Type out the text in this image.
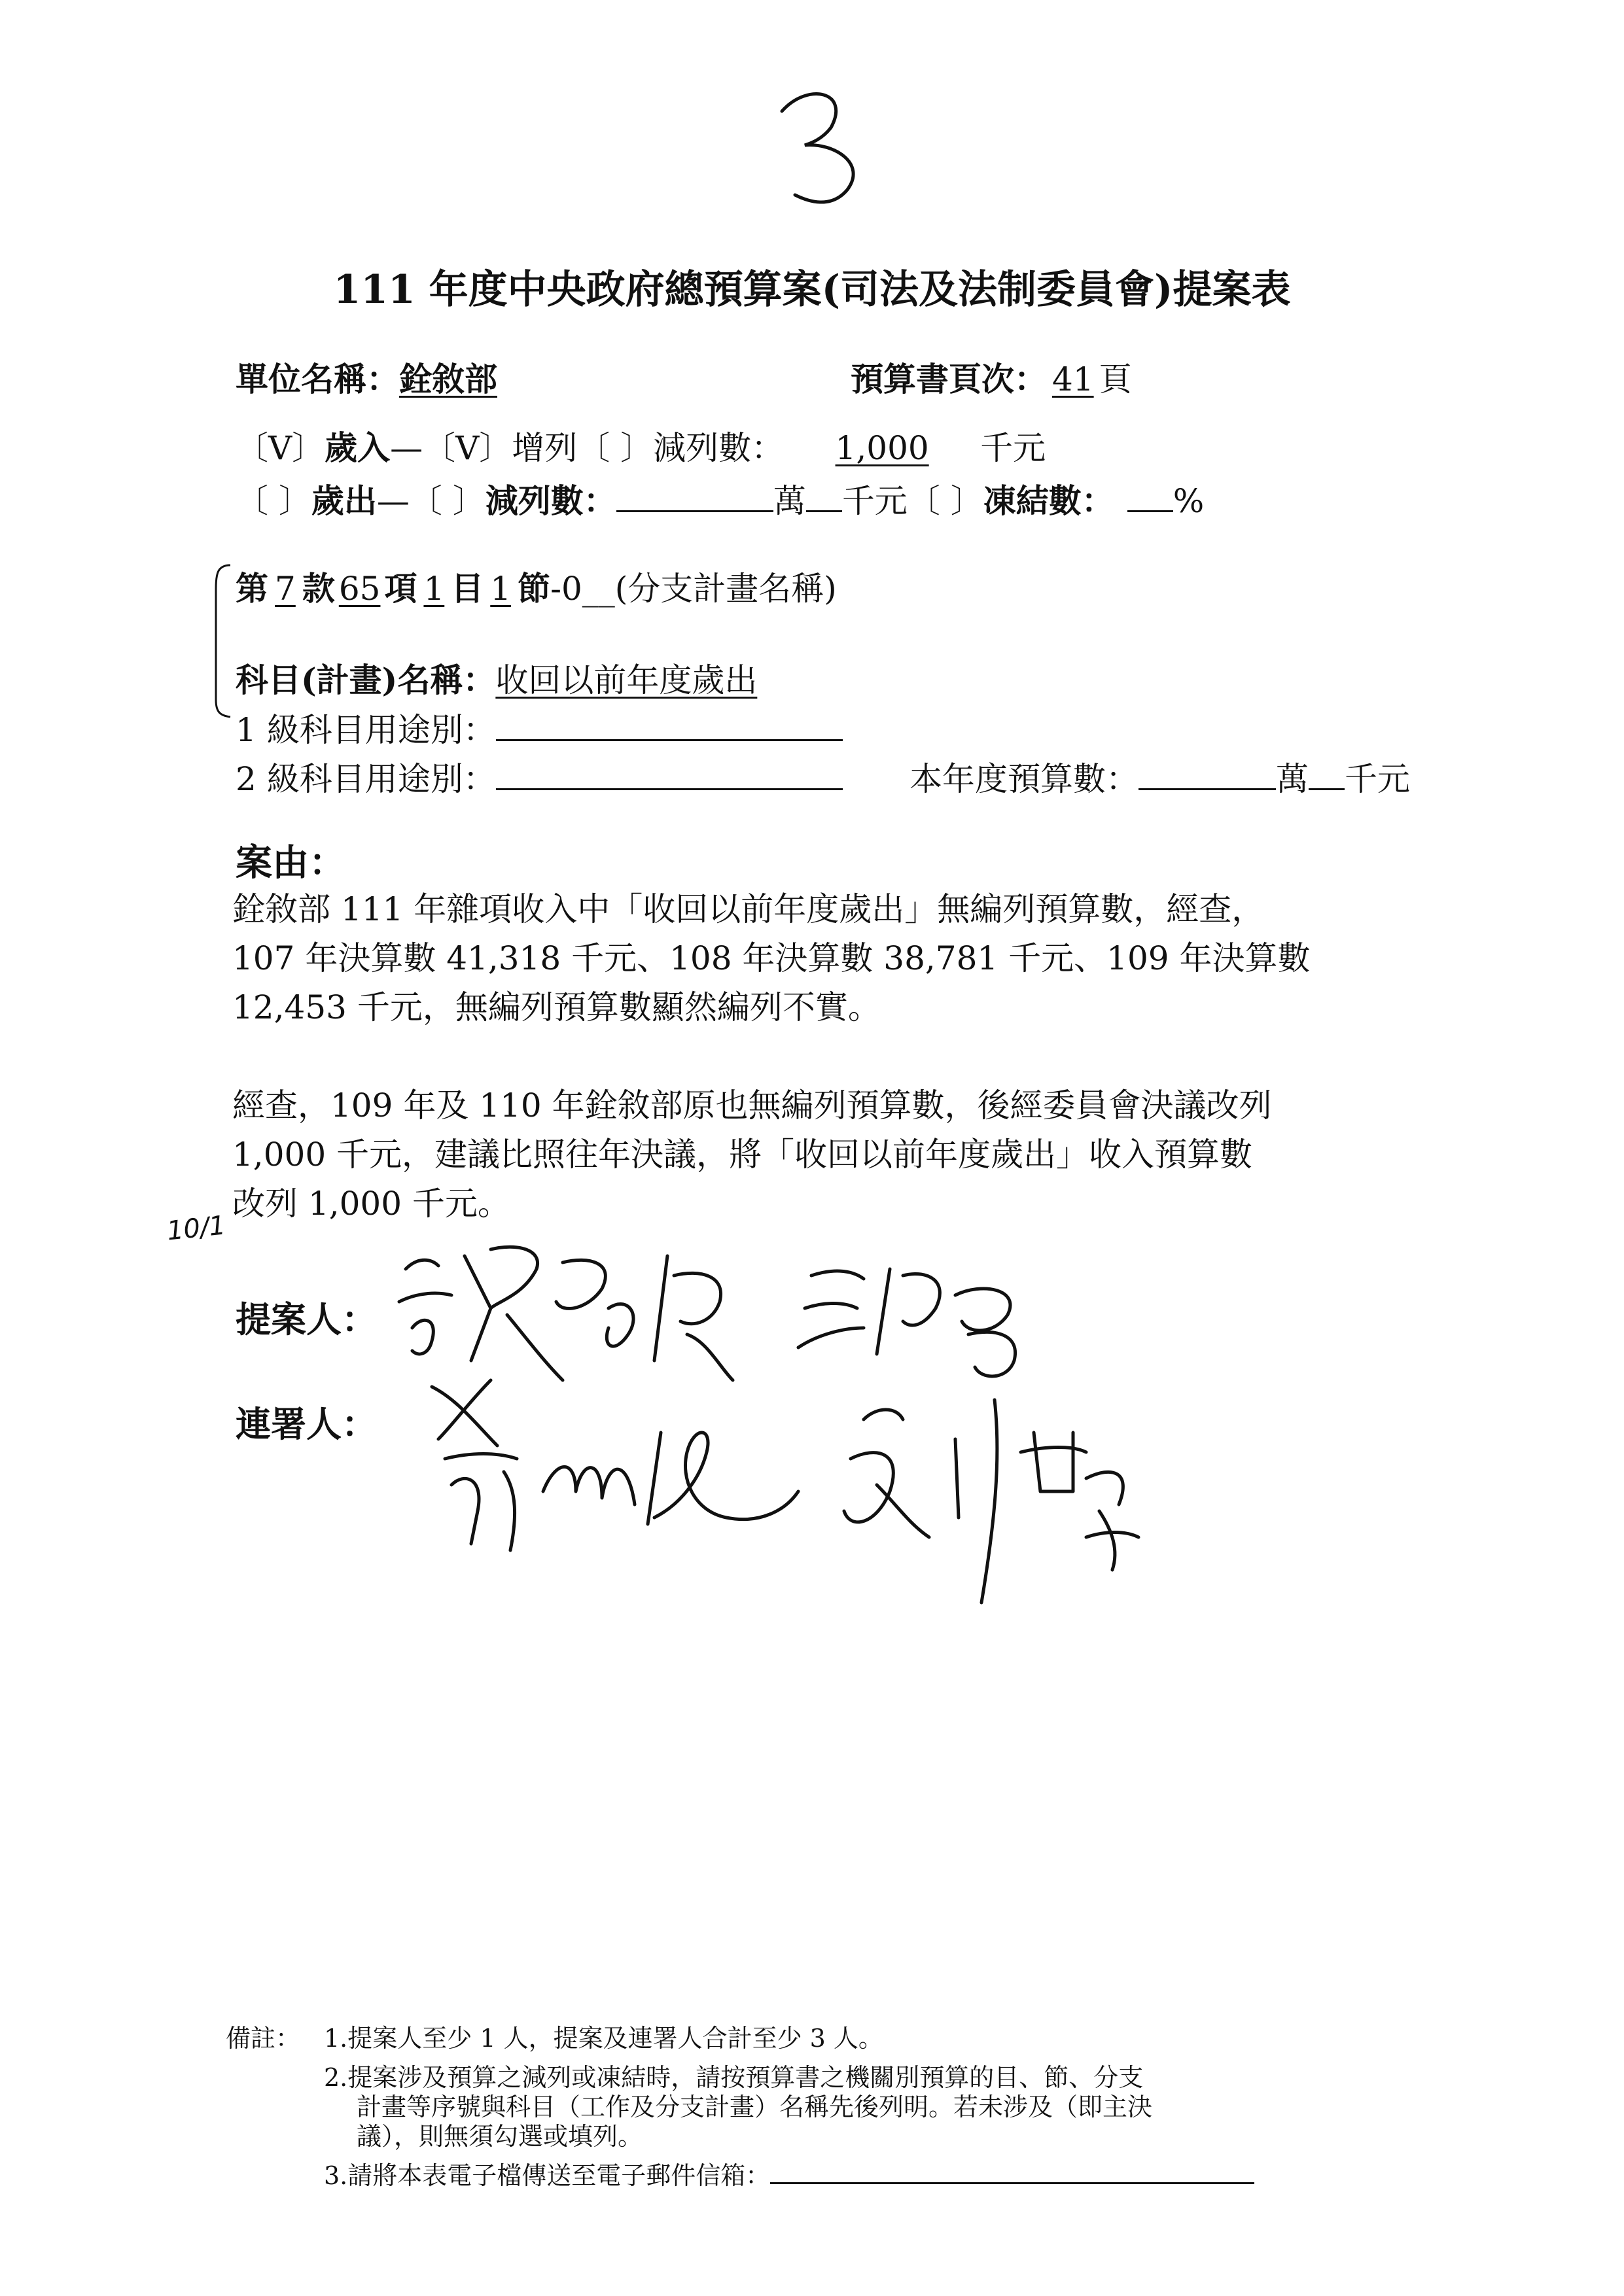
111 年度中央政府總預算案(司法及法制委員會)提案表
單位名稱：銓敘部	預算書頁次： 41 頁
〔V〕歲入—〔V〕增列〔 〕減列數： 1,000 千元
〔 〕歲出—〔 〕減列數：	萬 千元〔 〕凍結數： %
第 7 款 65 項 1 目 1 節-0__(分支計畫名稱)
科目(計畫)名稱：收回以前年度歲出
1 級科目用途別：
2 級科目用途別：	本年度預算數：	萬 千元
案由：
銓敘部 111 年雜項收入中「收回以前年度歲出」無編列預算數，經查，
107 年決算數 41,318 千元、108 年決算數 38,781 千元、109 年決算數
12,453 千元，無編列預算數顯然編列不實。
經查，109 年及 110 年銓敘部原也無編列預算數，後經委員會決議改列
1,000 千元，建議比照往年決議，將「收回以前年度歲出」收入預算數
改列 1,000 千元。
10/1
提案人：
連署人：
備註： 1.提案人至少 1 人，提案及連署人合計至少 3 人。
2.提案涉及預算之減列或凍結時，請按預算書之機關別預算的目、節、分支
計畫等序號與科目（工作及分支計畫）名稱先後列明。若未涉及（即主決
議），則無須勾選或填列。
3.請將本表電子檔傳送至電子郵件信箱：
